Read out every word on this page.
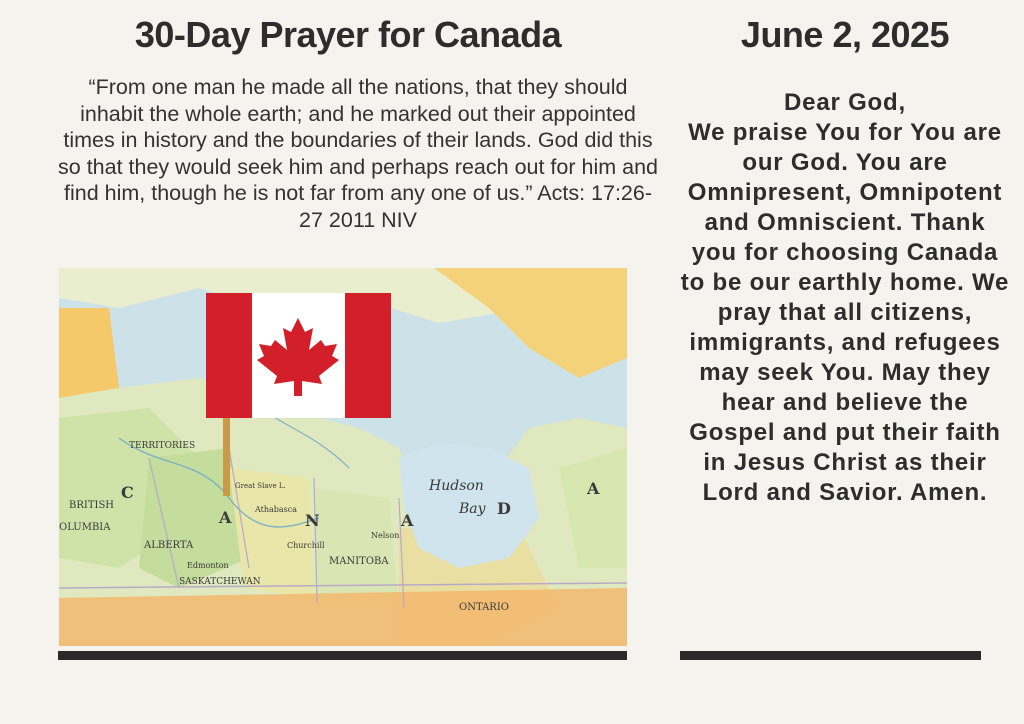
30-Day Prayer for Canada	June 2, 2025
“From one man he made all the nations, that they should inhabit the whole earth; and he marked out their appointed times in history and the boundaries of their lands. God did this so that they would seek him and perhaps reach out for him and find him, though he is not far from any one of us.” Acts: 17:26-27 2011 NIV
Hudson
Bay
C
A	N	A
D
A
BRITISH
OLUMBIA
ALBERTA
SASKATCHEWAN
MANITOBA
ONTARIO
TERRITORIES
Athabasca
Churchill
Nelson
Edmonton
Great Slave L.
Dear God,
We praise You for You are our God. You are Omnipresent, Omnipotent and Omniscient. Thank you for choosing Canada to be our earthly home. We pray that all citizens, immigrants, and refugees may seek You. May they hear and believe the Gospel and put their faith in Jesus Christ as their Lord and Savior. Amen.
